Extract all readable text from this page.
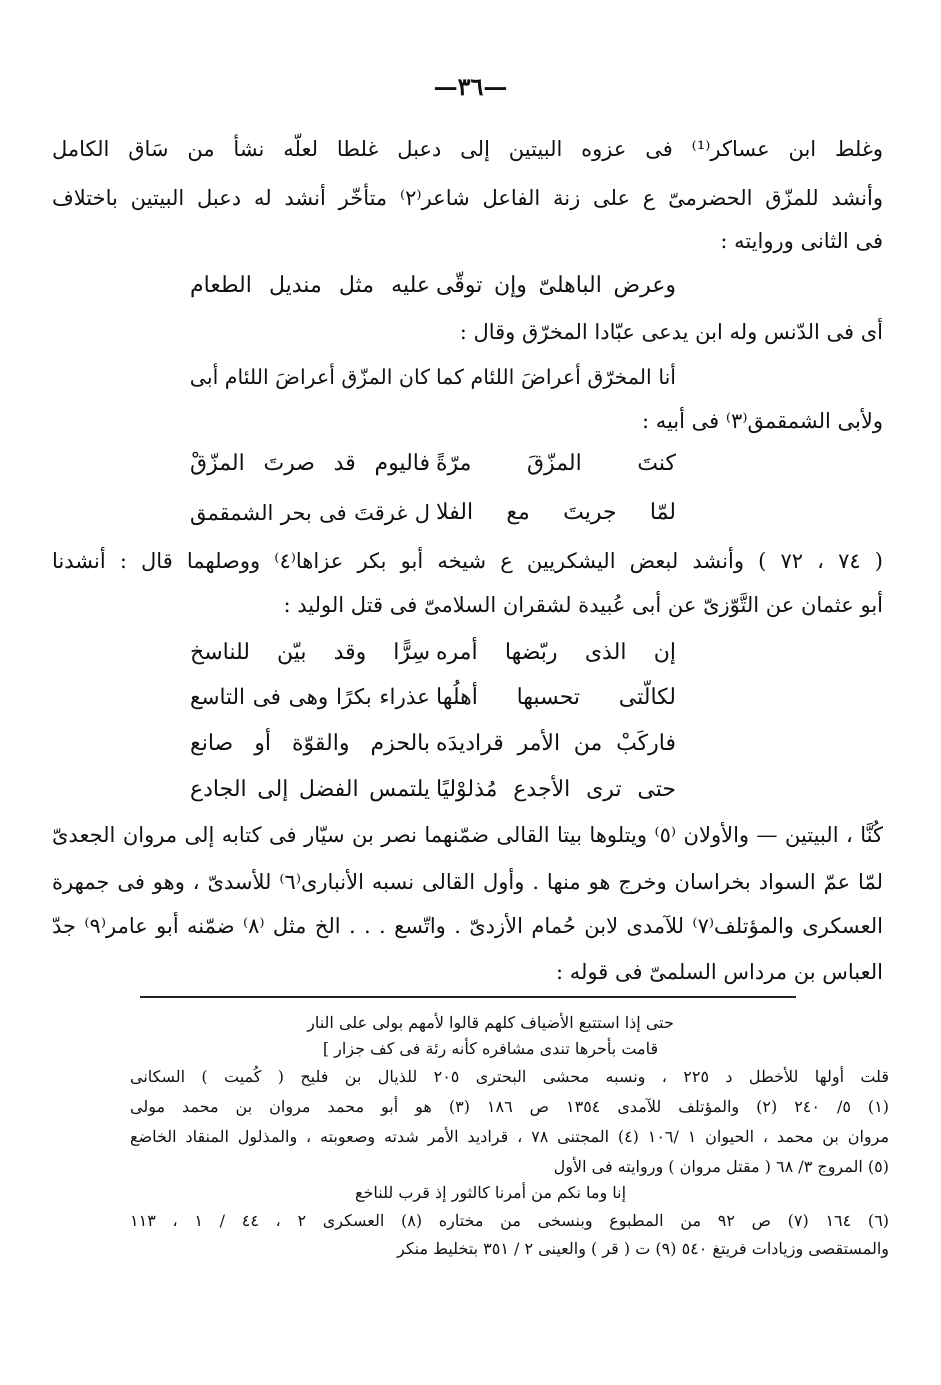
—٣٦—
وغلط ابن عساكر⁽¹⁾ فى عزوه البيتين إلى دعبل غلطا لعلّه نشأ من سَاق الكامل
وأنشد للمزّق الحضرمىّ ع على زنة الفاعل شاعر⁽٢⁾ متأخّر أنشد له دعبل البيتين باختلاف
فى الثانى وروايته :
وعرض الباهلىّ وإن توقّى
عليه مثل منديل الطعام
أى فى الدّنس وله ابن يدعى عبّادا المخرّق وقال :
أنا المخرّق أعراضَ اللئام كما
كان المزّق أعراضَ اللئام أبى
ولأبى الشمقمق⁽٣⁾ فى أبيه :
كنتَ المزّقَ مرّةً
فاليوم قد صرتَ المزّقْ
لمّا جريتَ مع الفلا
ل غرقتَ فى بحر الشمقمق
( ٧٤ ، ٧٢ ) وأنشد لبعض اليشكريين ع شيخه أبو بكر عزاها⁽٤⁾ ووصلهما قال : أنشدنا
أبو عثمان عن التَّوّزىّ عن أبى عُبيدة لشقران السلامىّ فى قتل الوليد :
إن الذى ربّضها أمره
سِرًّا وقد بيّن للناسخ
لكالّتى تحسبها أهلُها
عذراء بكرًا وهى فى التاسع
فاركَبْ من الأمر قراديدَه
بالحزم والقوّة أو صانع
حتى ترى الأجدع مُذلوْليًا
يلتمس الفضل إلى الجادع
كُنَّا ، البيتين — والأولان ⁽٥⁾ ويتلوها بيتا القالى ضمّنهما نصر بن سيّار فى كتابه إلى مروان الجعدىّ
لمّا عمّ السواد بخراسان وخرج هو منها . وأول القالى نسبه الأنبارى⁽٦⁾ للأسدىّ ، وهو فى جمهرة
العسكرى والمؤتلف⁽٧⁾ للآمدى لابن حُمام الأزدىّ . واتّسع . . . الخ مثل ⁽٨⁾ ضمّنه أبو عامر⁽٩⁾ جدّ
العباس بن مرداس السلمىّ فى قوله :
حتى إذا استتبع الأضياف كلهم قالوا لأمهم بولى على النار
قامت بأحرها تندى مشافره كأنه رئة فى كف جزار ]
قلت أولها للأخطل د ٢٢٥ ، ونسبه محشى البحترى ٢٠٥ للذيال بن فليح ( كُميت ) السكانى
(١) ٥/ ٢٤٠ (٢) والمؤتلف للآمدى ١٣٥٤ ص ١٨٦ (٣) هو أبو محمد مروان بن محمد مولى
مروان بن محمد ، الحيوان ١ /١٠٦ (٤) المجتنى ٧٨ ، قراديد الأمر شدته وصعوبته ، والمذلول المنقاد الخاضع
(٥) المروج ٣/ ٦٨ ( مقتل مروان ) وروايته فى الأول
إنا وما نكم من أمرنا كالثور إذ قرب للناخع
(٦) ١٦٤ (٧) ص ٩٢ من المطبوع وبنسخى من مختاره (٨) العسكرى ٢ ، ٤٤ / ١ ، ١١٣
والمستقصى وزيادات فريتغ ٥٤٠ (٩) ت ( قر ) والعينى ٢ / ٣٥١ بتخليط منكر
